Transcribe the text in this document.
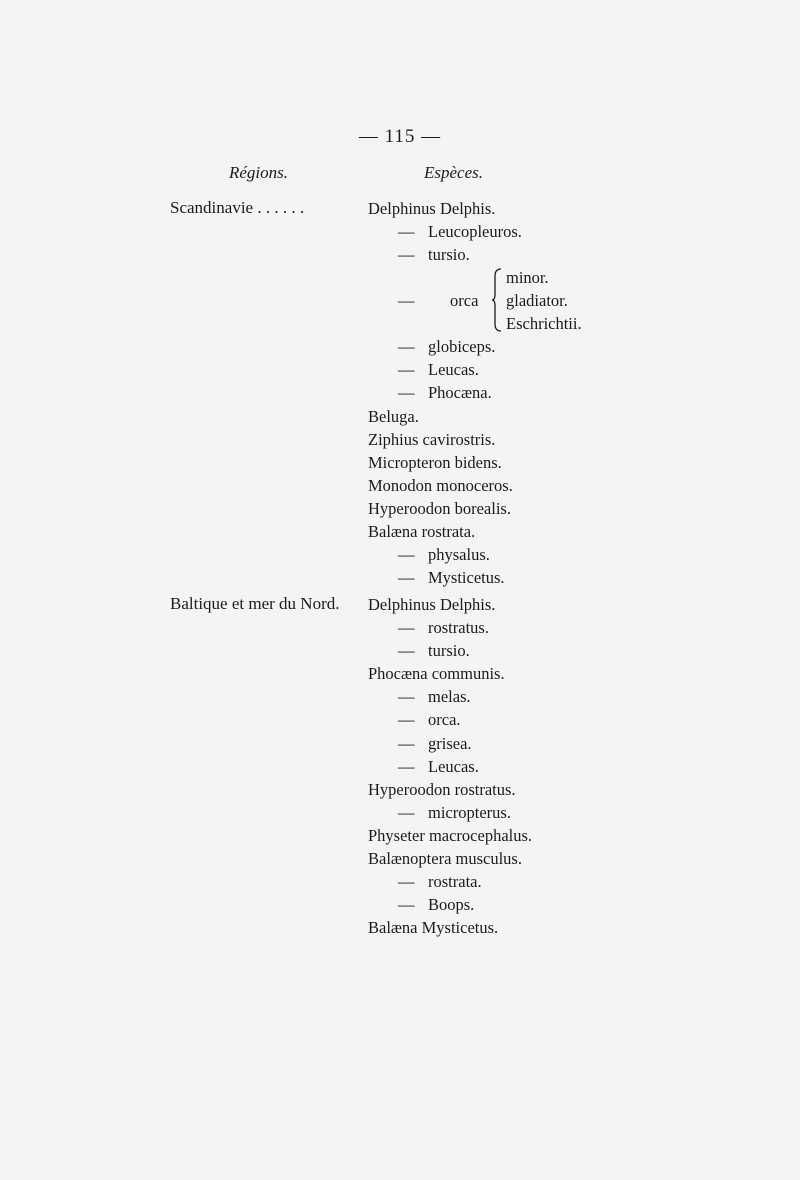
— 115 —
Régions.	Espèces.
Scandinavie . . . . . .	Delphinus Delphis.
— Leucopleuros.
— tursio.
— orca
minor.
gladiator.
Eschrichtii.
— globiceps.
— Leucas.
— Phocæna.
Beluga.
Ziphius cavirostris.
Micropteron bidens.
Monodon monoceros.
Hyperoodon borealis.
Balæna rostrata.
— physalus.
— Mysticetus.
Baltique et mer du Nord. Delphinus Delphis.
— rostratus.
— tursio.
Phocæna communis.
— melas.
— orca.
— grisea.
— Leucas.
Hyperoodon rostratus.
— micropterus.
Physeter macrocephalus.
Balænoptera musculus.
— rostrata.
— Boops.
Balæna Mysticetus.
